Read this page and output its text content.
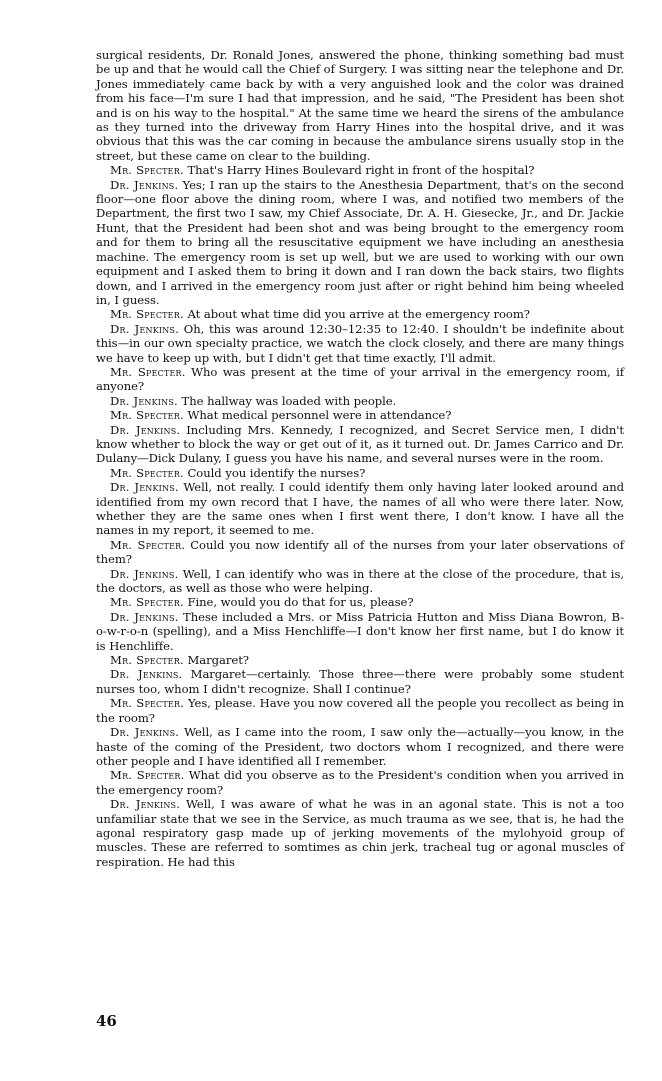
surgical residents, Dr. Ronald Jones, answered the phone, thinking something bad must be up and that he would call the Chief of Surgery. I was sitting near the telephone and Dr. Jones immediately came back by with a very anguished look and the color was drained from his face—I'm sure I had that impression, and he said, "The President has been shot and is on his way to the hospital." At the same time we heard the sirens of the ambulance as they turned into the driveway from Harry Hines into the hospital drive, and it was obvious that this was the car coming in because the ambulance sirens usually stop in the street, but these came on clear to the building.

Mr. Specter. That's Harry Hines Boulevard right in front of the hospital?

Dr. Jenkins. Yes; I ran up the stairs to the Anesthesia Department, that's on the second floor—one floor above the dining room, where I was, and notified two members of the Department, the first two I saw, my Chief Associate, Dr. A. H. Giesecke, Jr., and Dr. Jackie Hunt, that the President had been shot and was being brought to the emergency room and for them to bring all the resuscitative equipment we have including an anesthesia machine. The emergency room is set up well, but we are used to working with our own equipment and I asked them to bring it down and I ran down the back stairs, two flights down, and I arrived in the emergency room just after or right behind him being wheeled in, I guess.

Mr. Specter. At about what time did you arrive at the emergency room?

Dr. Jenkins. Oh, this was around 12:30–12:35 to 12:40. I shouldn't be indefinite about this—in our own specialty practice, we watch the clock closely, and there are many things we have to keep up with, but I didn't get that time exactly, I'll admit.

Mr. Specter. Who was present at the time of your arrival in the emergency room, if anyone?

Dr. Jenkins. The hallway was loaded with people.

Mr. Specter. What medical personnel were in attendance?

Dr. Jenkins. Including Mrs. Kennedy, I recognized, and Secret Service men, I didn't know whether to block the way or get out of it, as it turned out. Dr. James Carrico and Dr. Dulany—Dick Dulany, I guess you have his name, and several nurses were in the room.

Mr. Specter. Could you identify the nurses?

Dr. Jenkins. Well, not really. I could identify them only having later looked around and identified from my own record that I have, the names of all who were there later. Now, whether they are the same ones when I first went there, I don't know. I have all the names in my report, it seemed to me.

Mr. Specter. Could you now identify all of the nurses from your later observations of them?

Dr. Jenkins. Well, I can identify who was in there at the close of the procedure, that is, the doctors, as well as those who were helping.

Mr. Specter. Fine, would you do that for us, please?

Dr. Jenkins. These included a Mrs. or Miss Patricia Hutton and Miss Diana Bowron, B-o-w-r-o-n (spelling), and a Miss Henchliffe—I don't know her first name, but I do know it is Henchliffe.

Mr. Specter. Margaret?

Dr. Jenkins. Margaret—certainly. Those three—there were probably some student nurses too, whom I didn't recognize. Shall I continue?

Mr. Specter. Yes, please. Have you now covered all the people you recollect as being in the room?

Dr. Jenkins. Well, as I came into the room, I saw only the—actually—you know, in the haste of the coming of the President, two doctors whom I recognized, and there were other people and I have identified all I remember.

Mr. Specter. What did you observe as to the President's condition when you arrived in the emergency room?

Dr. Jenkins. Well, I was aware of what he was in an agonal state. This is not a too unfamiliar state that we see in the Service, as much trauma as we see, that is, he had the agonal respiratory gasp made up of jerking movements of the mylohyoid group of muscles. These are referred to somtimes as chin jerk, tracheal tug or agonal muscles of respiration. He had this

46
